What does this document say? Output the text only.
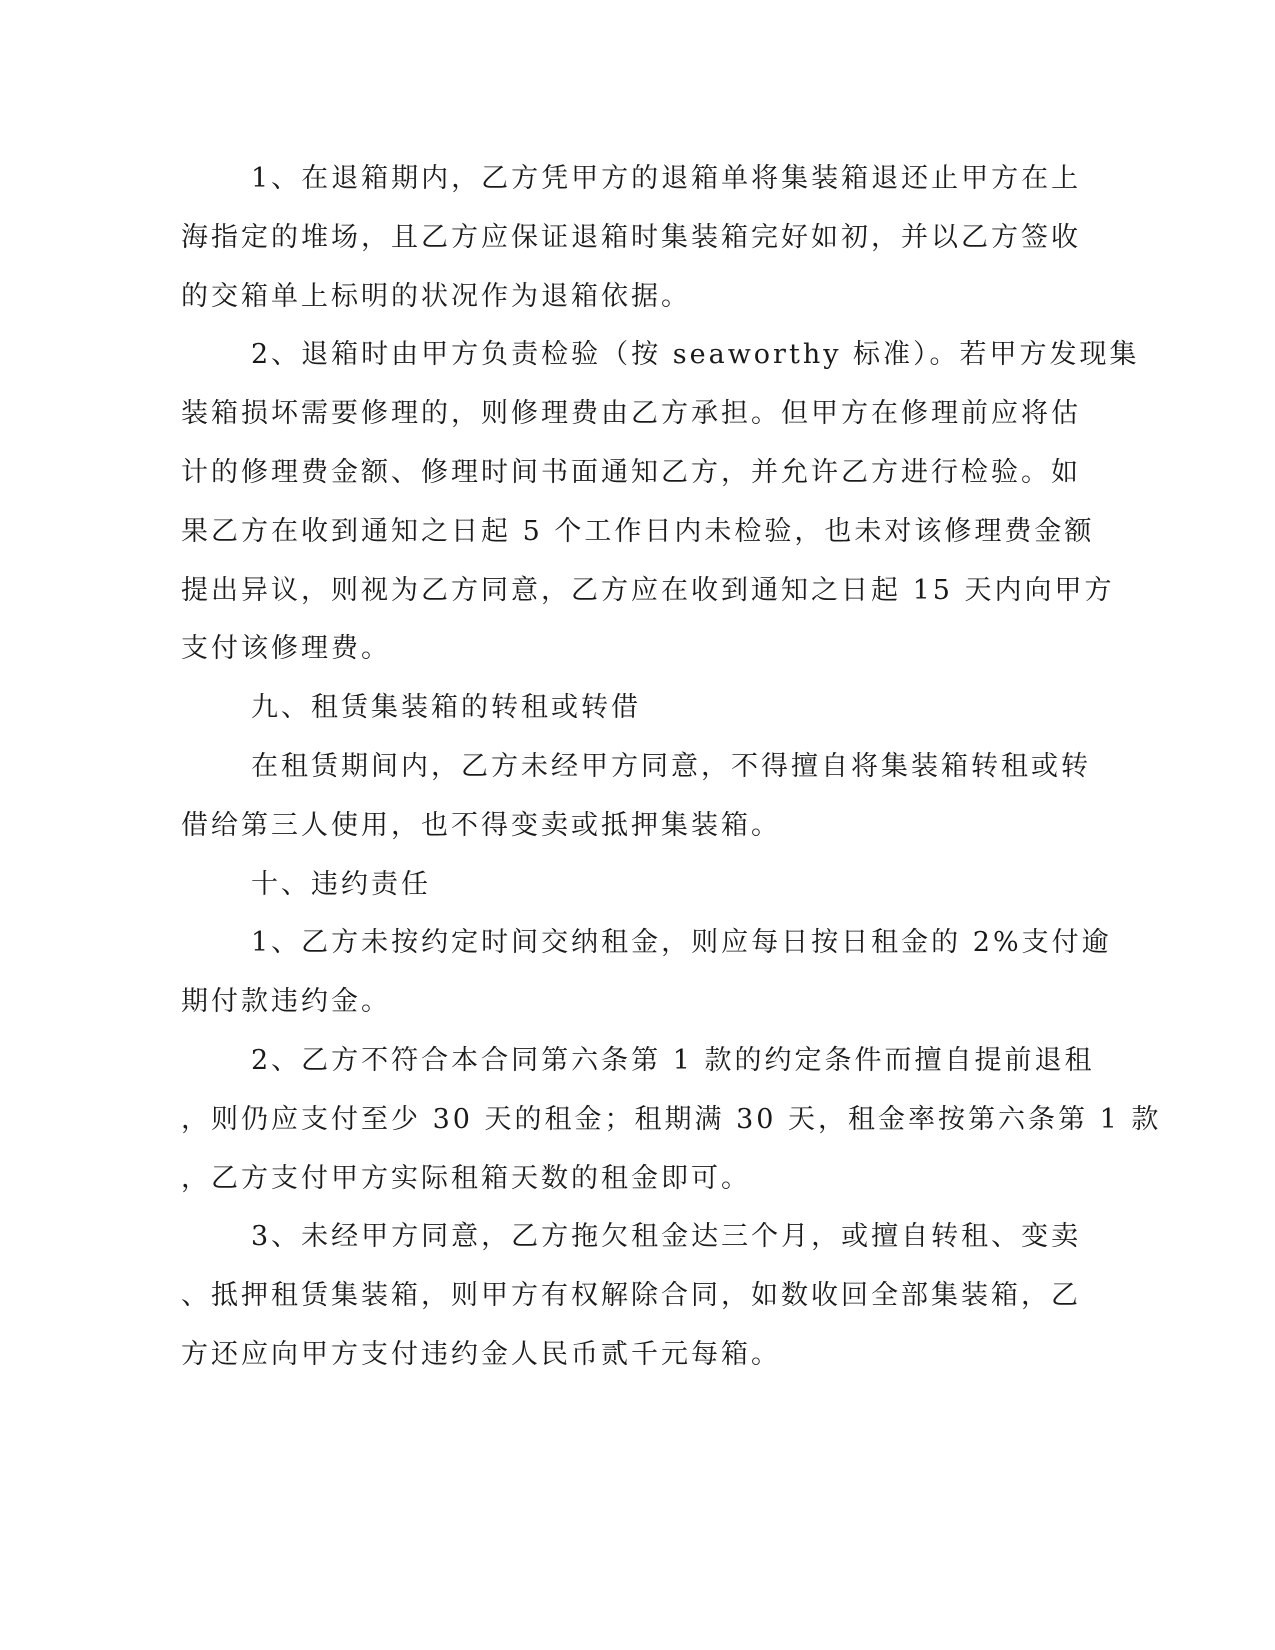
1、在退箱期内，乙方凭甲方的退箱单将集装箱退还止甲方在上
海指定的堆场，且乙方应保证退箱时集装箱完好如初，并以乙方签收
的交箱单上标明的状况作为退箱依据。
2、退箱时由甲方负责检验（按 seaworthy 标准）。若甲方发现集
装箱损坏需要修理的，则修理费由乙方承担。但甲方在修理前应将估
计的修理费金额、修理时间书面通知乙方，并允许乙方进行检验。如
果乙方在收到通知之日起 5 个工作日内未检验，也未对该修理费金额
提出异议，则视为乙方同意，乙方应在收到通知之日起 15 天内向甲方
支付该修理费。
九、租赁集装箱的转租或转借
在租赁期间内，乙方未经甲方同意，不得擅自将集装箱转租或转
借给第三人使用，也不得变卖或抵押集装箱。
十、违约责任
1、乙方未按约定时间交纳租金，则应每日按日租金的 2%支付逾
期付款违约金。
2、乙方不符合本合同第六条第 1 款的约定条件而擅自提前退租
，则仍应支付至少 30 天的租金；租期满 30 天，租金率按第六条第 1 款
，乙方支付甲方实际租箱天数的租金即可。
3、未经甲方同意，乙方拖欠租金达三个月，或擅自转租、变卖
、抵押租赁集装箱，则甲方有权解除合同，如数收回全部集装箱，乙
方还应向甲方支付违约金人民币贰千元每箱。
